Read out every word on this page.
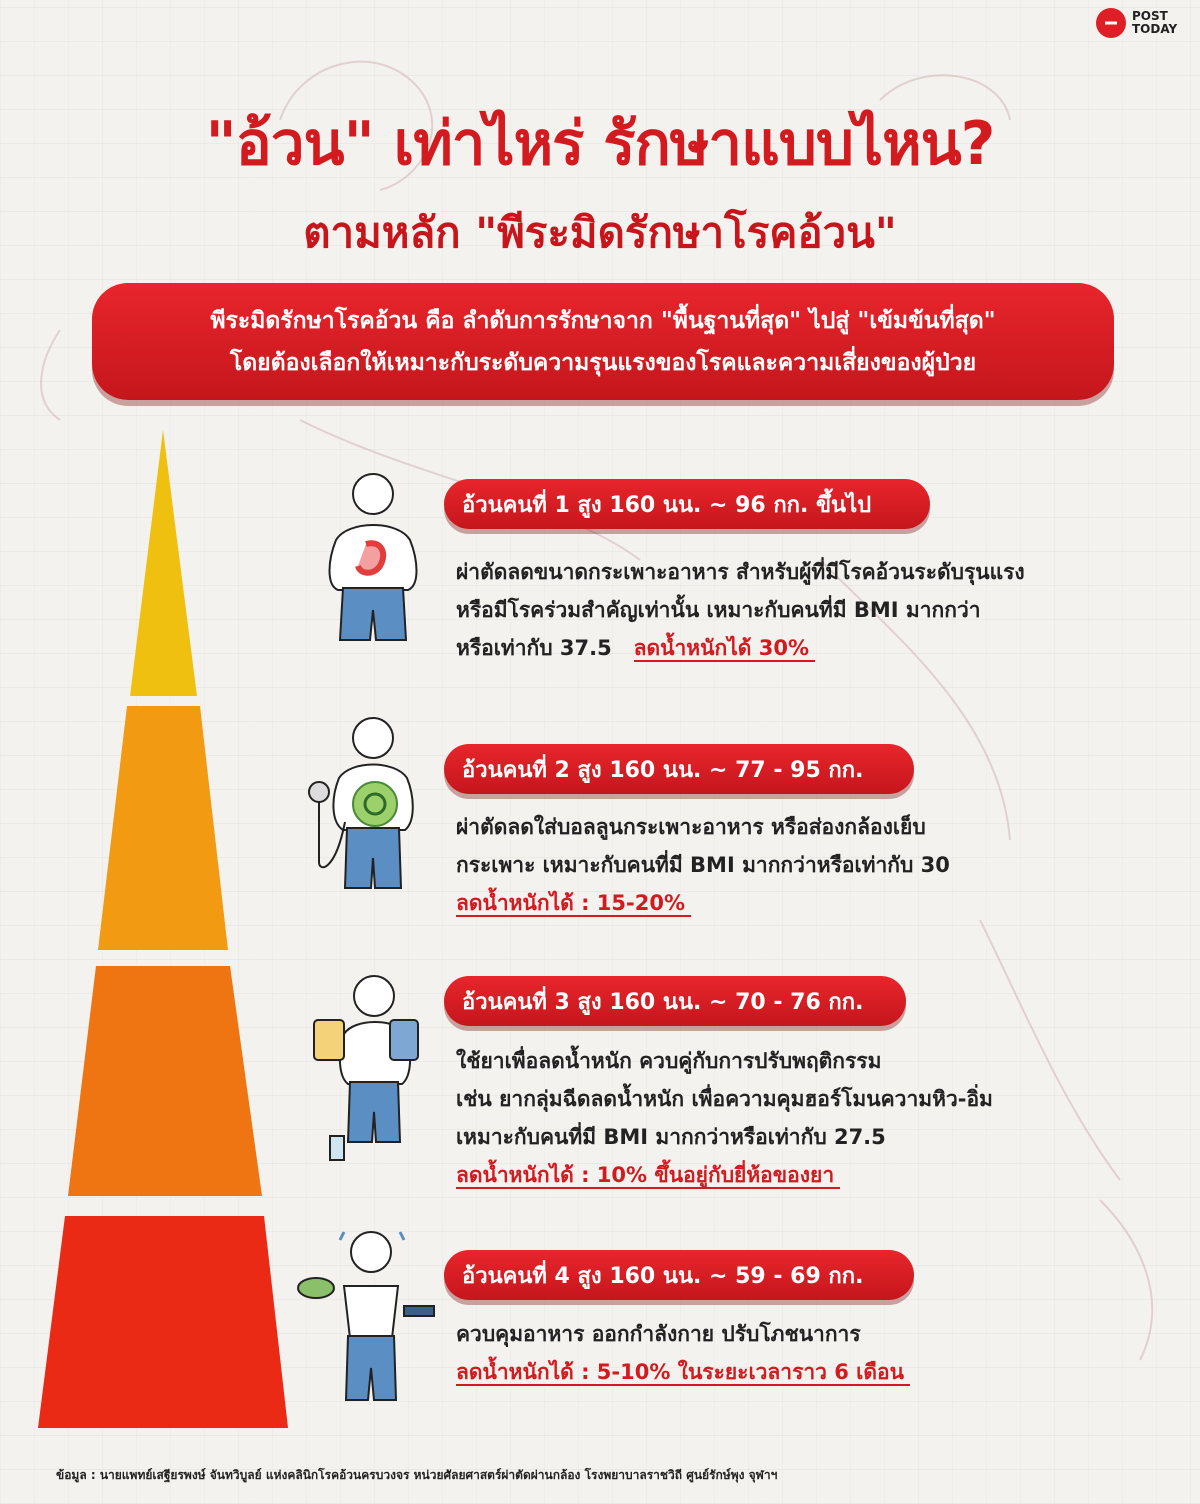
POST
TODAY
"อ้วน" เท่าไหร่ รักษาแบบไหน?
ตามหลัก "พีระมิดรักษาโรคอ้วน"
พีระมิดรักษาโรคอ้วน คือ ลำดับการรักษาจาก "พื้นฐานที่สุด" ไปสู่ "เข้มข้นที่สุด"
โดยต้องเลือกให้เหมาะกับระดับความรุนแรงของโรคและความเสี่ยงของผู้ป่วย
อ้วนคนที่ 1 สูง 160 นน. ~ 96 กก. ขึ้นไป
ผ่าตัดลดขนาดกระเพาะอาหาร สำหรับผู้ที่มีโรคอ้วนระดับรุนแรง
หรือมีโรคร่วมสำคัญเท่านั้น เหมาะกับคนที่มี BMI มากกว่า
หรือเท่ากับ 37.5 ลดน้ำหนักได้ 30%
อ้วนคนที่ 2 สูง 160 นน. ~ 77 - 95 กก.
ผ่าตัดลดใส่บอลลูนกระเพาะอาหาร หรือส่องกล้องเย็บ
กระเพาะ เหมาะกับคนที่มี BMI มากกว่าหรือเท่ากับ 30
ลดน้ำหนักได้ : 15-20%
อ้วนคนที่ 3 สูง 160 นน. ~ 70 - 76 กก.
ใช้ยาเพื่อลดน้ำหนัก ควบคู่กับการปรับพฤติกรรม
เช่น ยากลุ่มฉีดลดน้ำหนัก เพื่อความคุมฮอร์โมนความหิว-อิ่ม
เหมาะกับคนที่มี BMI มากกว่าหรือเท่ากับ 27.5
ลดน้ำหนักได้ : 10% ขึ้นอยู่กับยี่ห้อของยา
อ้วนคนที่ 4 สูง 160 นน. ~ 59 - 69 กก.
ควบคุมอาหาร ออกกำลังกาย ปรับโภชนาการ
ลดน้ำหนักได้ : 5-10% ในระยะเวลาราว 6 เดือน
ข้อมูล : นายแพทย์เสฐียรพงษ์ จันทวิบูลย์ แห่งคลินิกโรคอ้วนครบวงจร หน่วยศัลยศาสตร์ผ่าตัดผ่านกล้อง โรงพยาบาลราชวิถี ศูนย์รักษ์พุง จุฬาฯ
